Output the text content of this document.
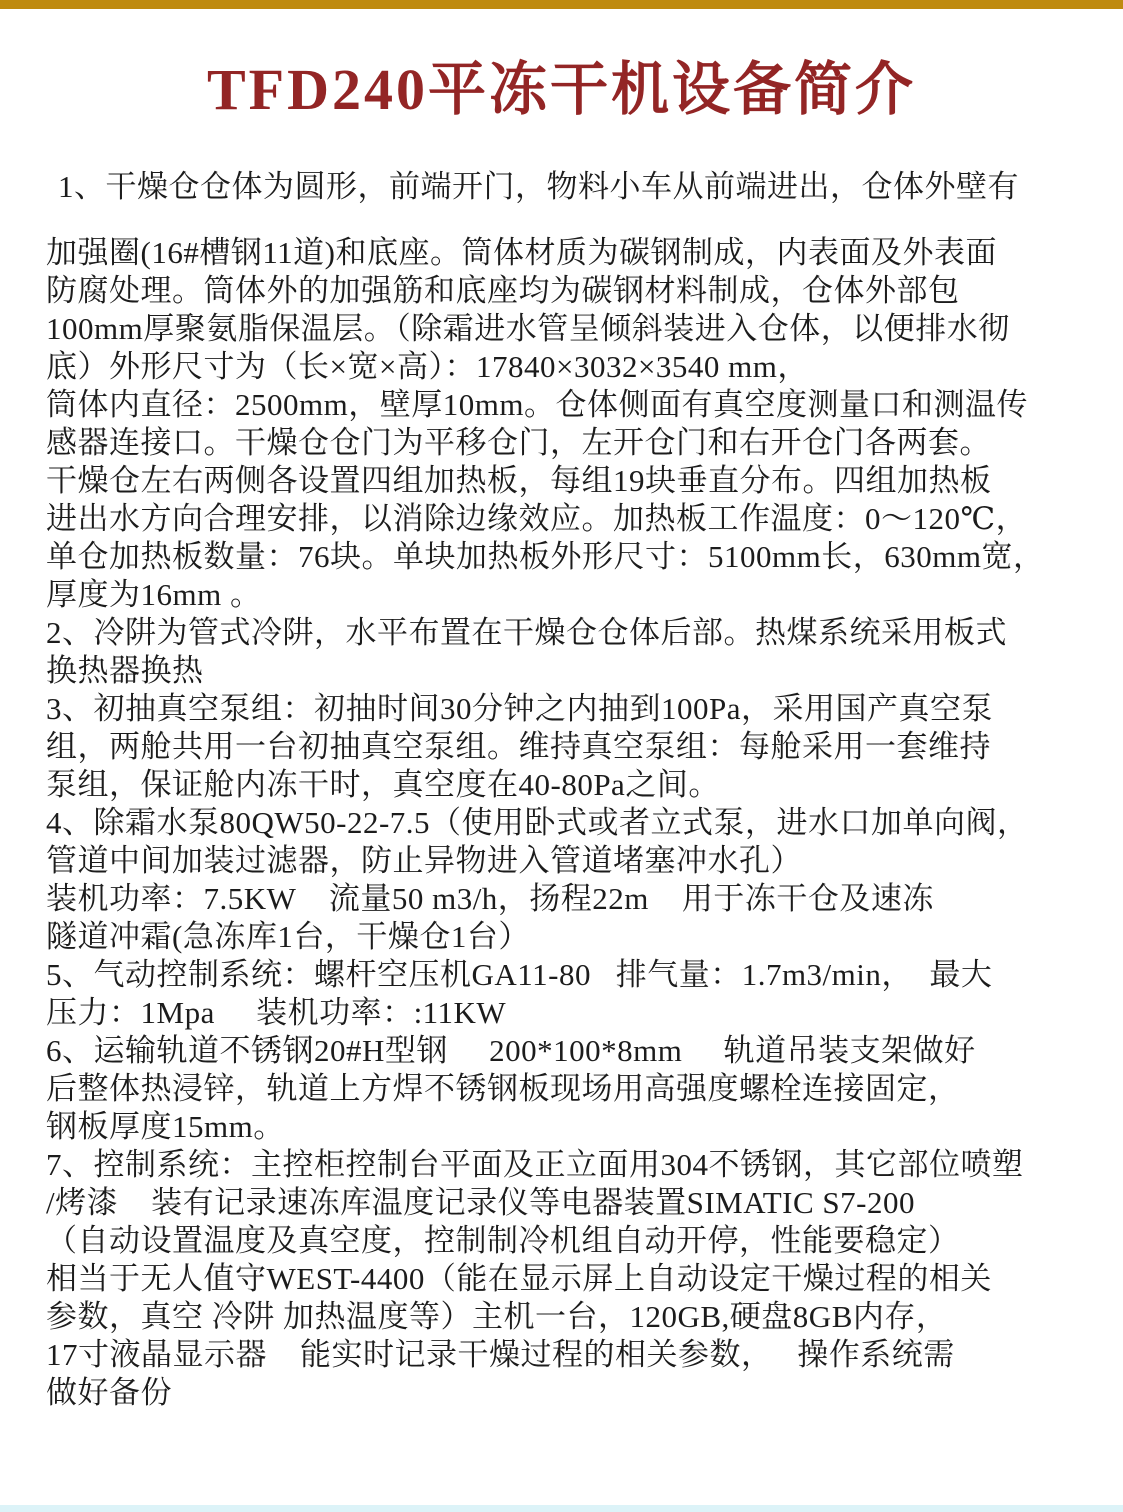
TFD240平冻干机设备简介
1、干燥仓仓体为圆形，前端开门，物料小车从前端进出，仓体外壁有
加强圈(16#槽钢11道)和底座。筒体材质为碳钢制成，内表面及外表面
防腐处理。筒体外的加强筋和底座均为碳钢材料制成，仓体外部包
100mm厚聚氨脂保温层。（除霜进水管呈倾斜装进入仓体，以便排水彻
底）外形尺寸为（长×宽×高）：17840×3032×3540 mm，
筒体内直径：2500mm，壁厚10mm。仓体侧面有真空度测量口和测温传
感器连接口。干燥仓仓门为平移仓门，左开仓门和右开仓门各两套。
干燥仓左右两侧各设置四组加热板，每组19块垂直分布。四组加热板
进出水方向合理安排，以消除边缘效应。加热板工作温度：0～120℃，
单仓加热板数量：76块。单块加热板外形尺寸：5100mm长，630mm宽，
厚度为16mm 。
2、冷阱为管式冷阱，水平布置在干燥仓仓体后部。热煤系统采用板式
换热器换热
3、初抽真空泵组：初抽时间30分钟之内抽到100Pa，采用国产真空泵
组，两舱共用一台初抽真空泵组。维持真空泵组：每舱采用一套维持
泵组，保证舱内冻干时，真空度在40-80Pa之间。
4、除霜水泵80QW50-22-7.5（使用卧式或者立式泵，进水口加单向阀，
管道中间加装过滤器，防止异物进入管道堵塞冲水孔）
装机功率：7.5KW    流量50 m3/h，扬程22m    用于冻干仓及速冻
隧道冲霜(急冻库1台，干燥仓1台）
5、气动控制系统：螺杆空压机GA11-80   排气量：1.7m3/min，  最大
压力：1Mpa     装机功率：:11KW
6、运输轨道不锈钢20#H型钢     200*100*8mm     轨道吊装支架做好
后整体热浸锌，轨道上方焊不锈钢板现场用高强度螺栓连接固定，
钢板厚度15mm。
7、控制系统：主控柜控制台平面及正立面用304不锈钢，其它部位喷塑
/烤漆    装有记录速冻库温度记录仪等电器装置SIMATIC S7-200
（自动设置温度及真空度，控制制冷机组自动开停，性能要稳定）
相当于无人值守WEST-4400（能在显示屏上自动设定干燥过程的相关
参数，真空 冷阱 加热温度等）主机一台，120GB,硬盘8GB内存，
17寸液晶显示器    能实时记录干燥过程的相关参数，   操作系统需
做好备份
